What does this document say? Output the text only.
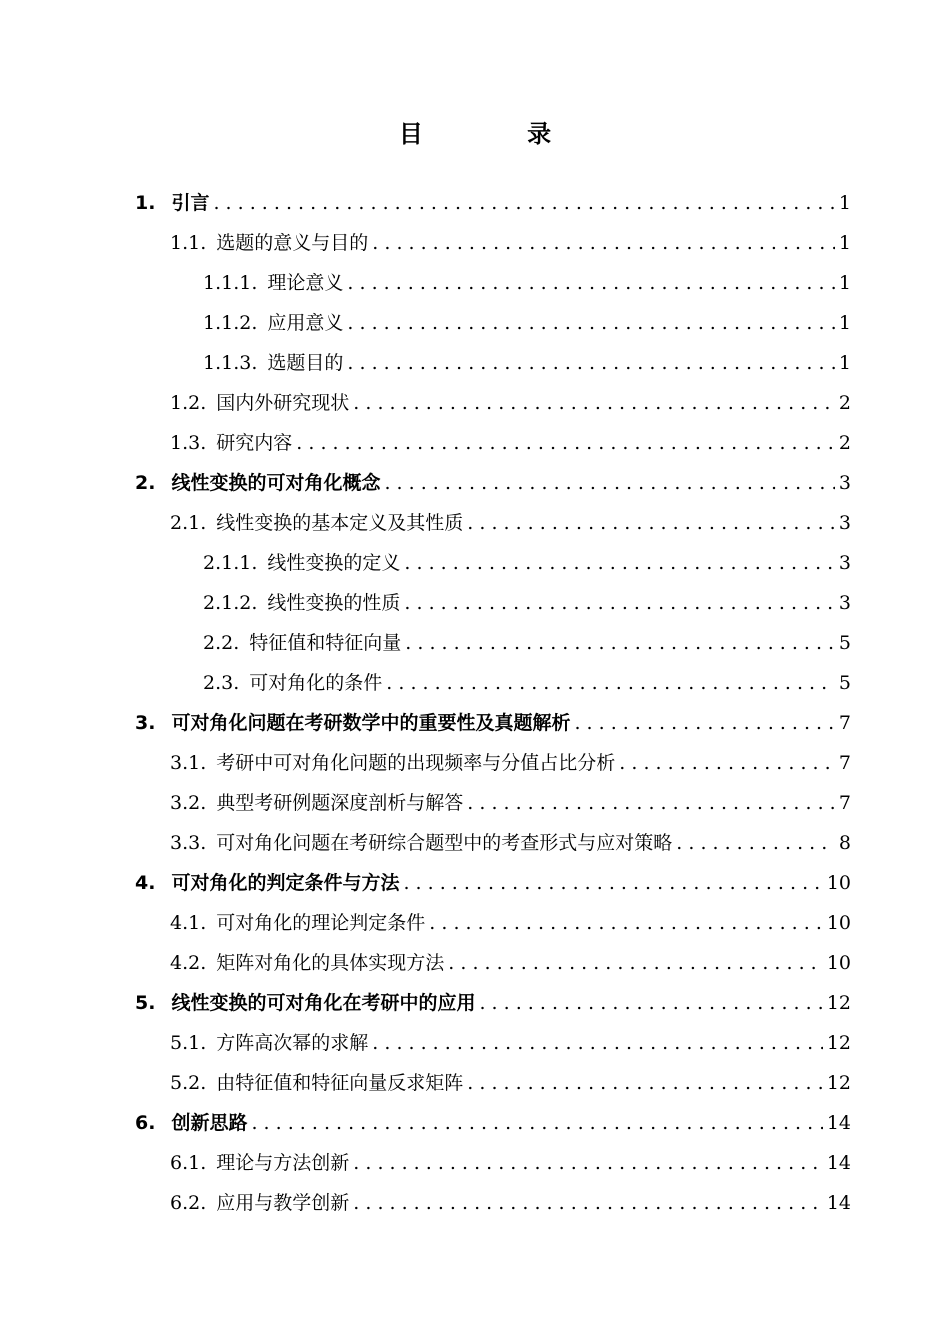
目 录
1. 引言 . . .	1
1.1. 选题的意义与目的 . . .	1
1.1.1. 理论意义 . . .	1
1.1.2. 应用意义 . . .	1
1.1.3. 选题目的 . . .	1
1.2. 国内外研究现状 . . .	2
1.3. 研究内容 . . .	2
2. 线性变换的可对角化概念 . . .	3
2.1. 线性变换的基本定义及其性质 . . .	3
2.1.1. 线性变换的定义 . . .	3
2.1.2. 线性变换的性质 . . .	3
2.2. 特征值和特征向量 . . .	5
2.3. 可对角化的条件 . . .	5
3. 可对角化问题在考研数学中的重要性及真题解析 . . .	7
3.1. 考研中可对角化问题的出现频率与分值占比分析 . . .	7
3.2. 典型考研例题深度剖析与解答 . . .	7
3.3. 可对角化问题在考研综合题型中的考查形式与应对策略 . . .	8
4. 可对角化的判定条件与方法 . . .	10
4.1. 可对角化的理论判定条件 . . .	10
4.2. 矩阵对角化的具体实现方法 . . .	10
5. 线性变换的可对角化在考研中的应用 . . .	12
5.1. 方阵高次幂的求解 . . .	12
5.2. 由特征值和特征向量反求矩阵 . . .	12
6. 创新思路 . . .	14
6.1. 理论与方法创新 . . .	14
6.2. 应用与教学创新 . . .	14
